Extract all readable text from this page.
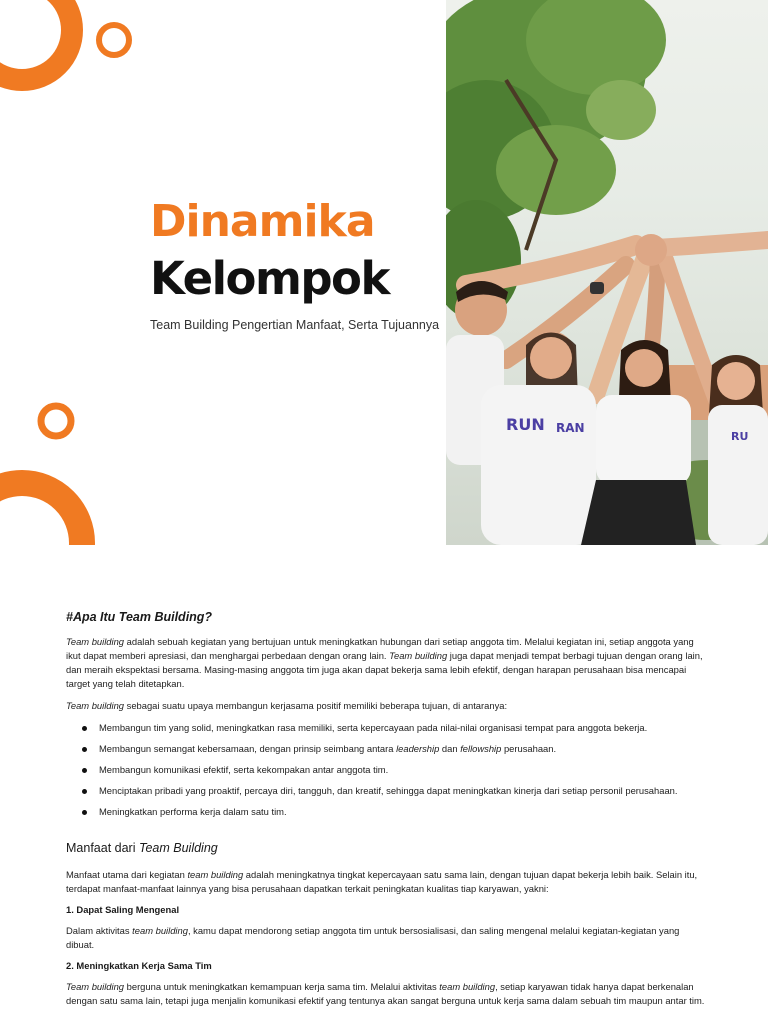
Dinamika
Kelompok
Team Building Pengertian Manfaat, Serta Tujuannya
RUN RAN
RU
#Apa Itu Team Building?

Team building adalah sebuah kegiatan yang bertujuan untuk meningkatkan hubungan dari setiap anggota tim. Melalui kegiatan ini, setiap anggota yang ikut dapat memberi apresiasi, dan menghargai perbedaan dengan orang lain. Team building juga dapat menjadi tempat berbagi tujuan dengan orang lain, dan meraih ekspektasi bersama. Masing-masing anggota tim juga akan dapat bekerja sama lebih efektif, dengan harapan perusahaan bisa mencapai target yang telah ditetapkan.

Team building sebagai suatu upaya membangun kerjasama positif memiliki beberapa tujuan, di antaranya:

Membangun tim yang solid, meningkatkan rasa memiliki, serta kepercayaan pada nilai-nilai organisasi tempat para anggota bekerja.
Membangun semangat kebersamaan, dengan prinsip seimbang antara leadership dan fellowship perusahaan.
Membangun komunikasi efektif, serta kekompakan antar anggota tim.
Menciptakan pribadi yang proaktif, percaya diri, tangguh, dan kreatif, sehingga dapat meningkatkan kinerja dari setiap personil perusahaan.
Meningkatkan performa kerja dalam satu tim.
Manfaat dari Team Building

Manfaat utama dari kegiatan team building adalah meningkatnya tingkat kepercayaan satu sama lain, dengan tujuan dapat bekerja lebih baik. Selain itu, terdapat manfaat-manfaat lainnya yang bisa perusahaan dapatkan terkait peningkatan kualitas tiap karyawan, yakni:

1. Dapat Saling Mengenal

Dalam aktivitas team building, kamu dapat mendorong setiap anggota tim untuk bersosialisasi, dan saling mengenal melalui kegiatan-kegiatan yang dibuat.

2. Meningkatkan Kerja Sama Tim

Team building berguna untuk meningkatkan kemampuan kerja sama tim. Melalui aktivitas team building, setiap karyawan tidak hanya dapat berkenalan dengan satu sama lain, tetapi juga menjalin komunikasi efektif yang tentunya akan sangat berguna untuk kerja sama dalam sebuah tim maupun antar tim.
